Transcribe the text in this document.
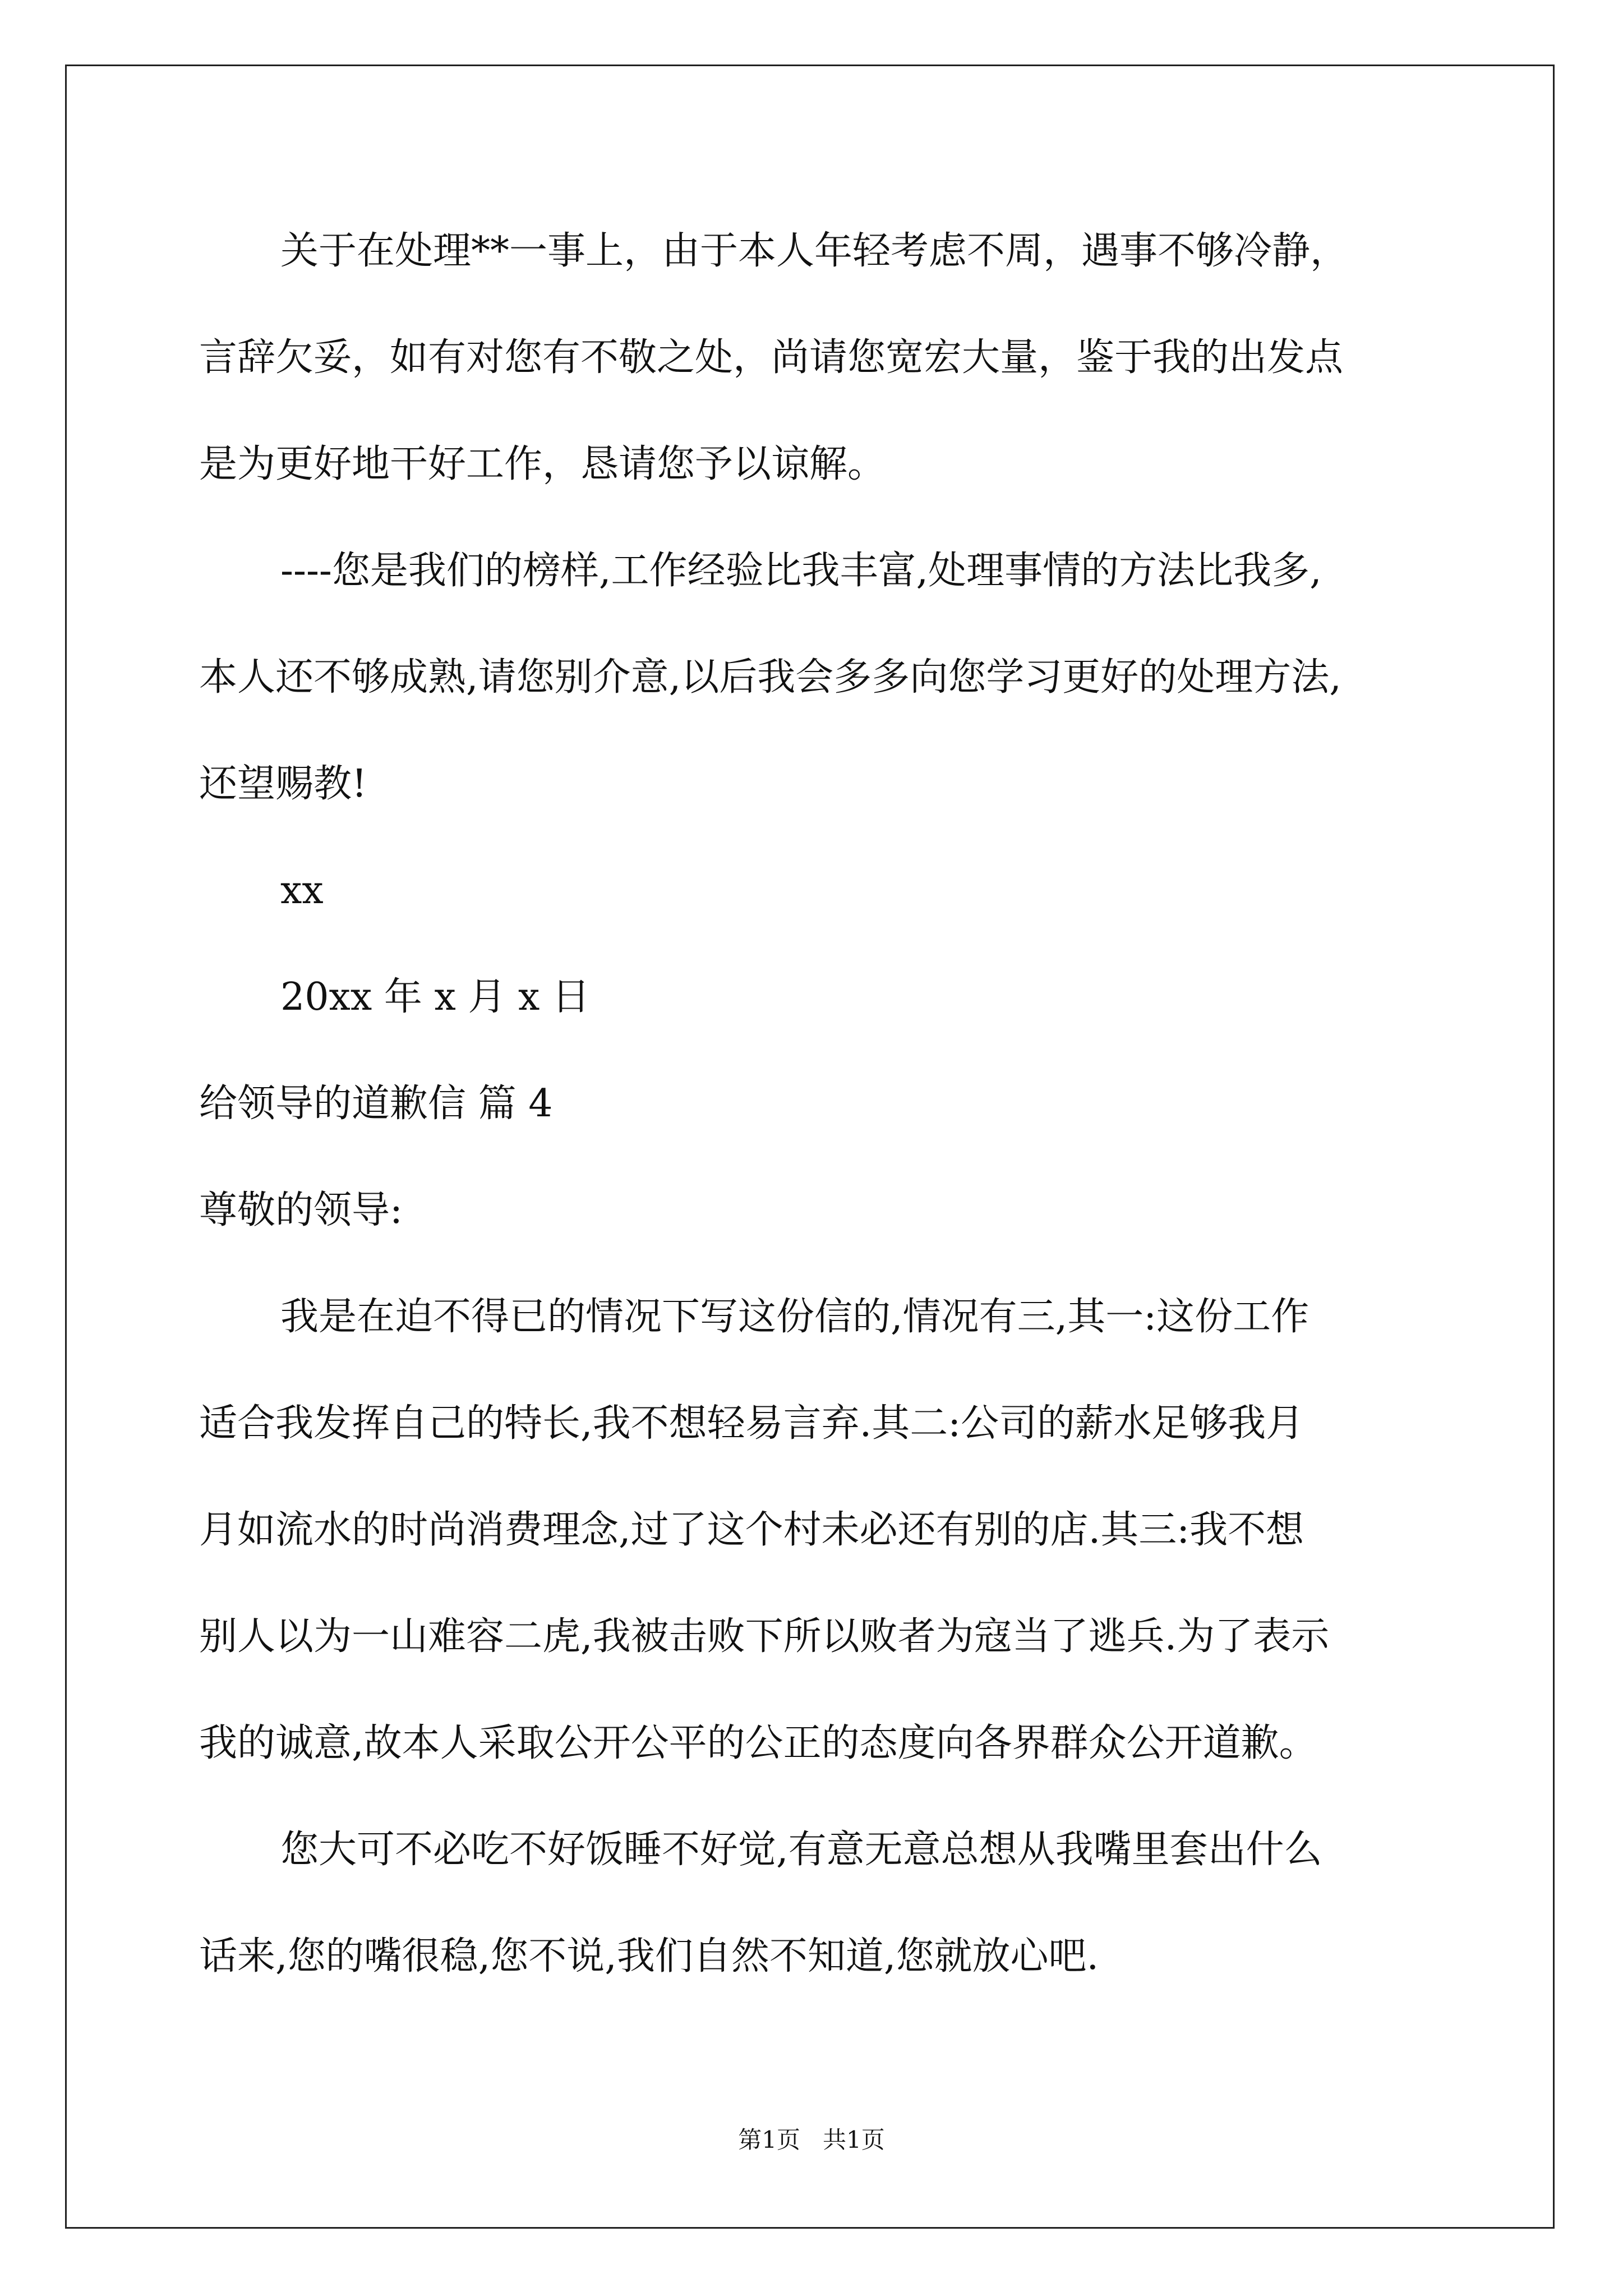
关于在处理**一事上，由于本人年轻考虑不周，遇事不够冷静，
言辞欠妥，如有对您有不敬之处，尚请您宽宏大量，鉴于我的出发点
是为更好地干好工作，恳请您予以谅解。
----您是我们的榜样,工作经验比我丰富,处理事情的方法比我多,
本人还不够成熟,请您别介意,以后我会多多向您学习更好的处理方法,
还望赐教!
xx
20xx 年 x 月 x 日
给领导的道歉信 篇 4
尊敬的领导:
我是在迫不得已的情况下写这份信的,情况有三,其一:这份工作
适合我发挥自己的特长,我不想轻易言弃.其二:公司的薪水足够我月
月如流水的时尚消费理念,过了这个村未必还有别的店.其三:我不想
别人以为一山难容二虎,我被击败下所以败者为寇当了逃兵.为了表示
我的诚意,故本人采取公开公平的公正的态度向各界群众公开道歉。
您大可不必吃不好饭睡不好觉,有意无意总想从我嘴里套出什么
话来,您的嘴很稳,您不说,我们自然不知道,您就放心吧.
第1页 共1页
